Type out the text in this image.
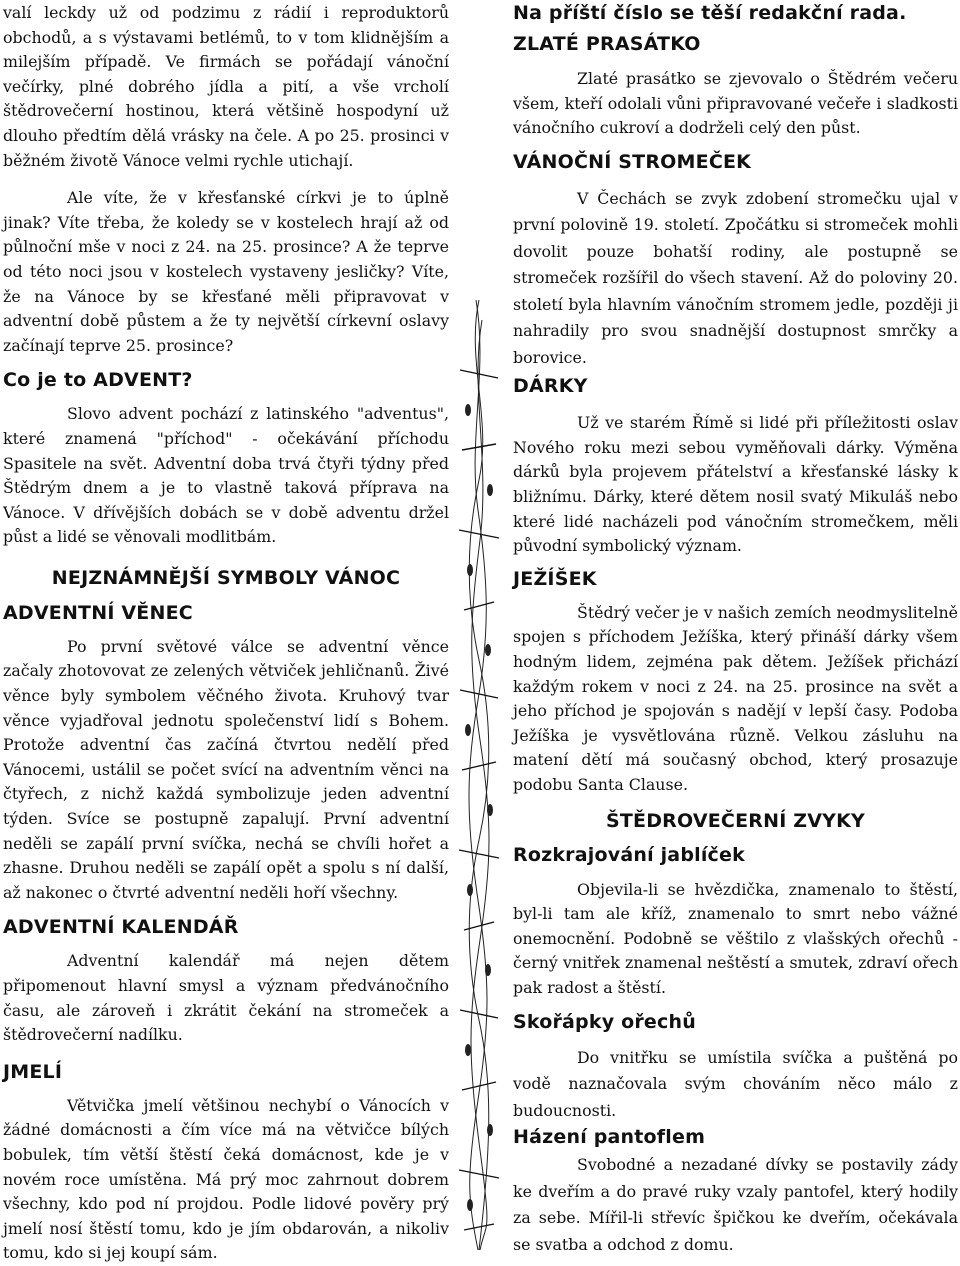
valí leckdy už od podzimu z rádií i reproduktorů obchodů, a s výstavami betlémů, to v tom klidnějším a milejším případě. Ve firmách se pořádají vánoční večírky, plné dobrého jídla a pití, a vše vrcholí štědrovečerní hostinou, která většině hospodyní už dlouho předtím dělá vrásky na čele. A po 25. prosinci v běžném životě Vánoce velmi rychle utichají.

Ale víte, že v křesťanské církvi je to úplně jinak? Víte třeba, že koledy se v kostelech hrají až od půlnoční mše v noci z 24. na 25. prosince? A že teprve od této noci jsou v kostelech vystaveny jesličky? Víte, že na Vánoce by se křesťané měli připravovat v adventní době půstem a že ty největší církevní oslavy začínají teprve 25. prosince?

Co je to ADVENT?

Slovo advent pochází z latinského "adventus", které znamená "příchod" - očekávání příchodu Spasitele na svět. Adventní doba trvá čtyři týdny před Štědrým dnem a je to vlastně taková příprava na Vánoce. V dřívějších dobách se v době adventu držel půst a lidé se věnovali modlitbám.

NEJZNÁMNĚJŠÍ SYMBOLY VÁNOC
ADVENTNÍ VĚNEC

Po první světové válce se adventní věnce začaly zhotovovat ze zelených větviček jehličnanů. Živé věnce byly symbolem věčného života. Kruhový tvar věnce vyjadřoval jednotu společenství lidí s Bohem. Protože adventní čas začíná čtvrtou nedělí před Vánocemi, ustálil se počet svící na adventním věnci na čtyřech, z nichž každá symbolizuje jeden adventní týden. Svíce se postupně zapalují. První adventní neděli se zapálí první svíčka, nechá se chvíli hořet a zhasne. Druhou neděli se zapálí opět a spolu s ní další, až nakonec o čtvrté adventní neděli hoří všechny.

ADVENTNÍ KALENDÁŘ

Adventní kalendář má nejen dětem připomenout hlavní smysl a význam předvánočního času, ale zároveň i zkrátit čekání na stromeček a štědrovečerní nadílku.

JMELÍ

Větvička jmelí většinou nechybí o Vánocích v žádné domácnosti a čím více má na větvičce bílých bobulek, tím větší štěstí čeká domácnost, kde je v novém roce umístěna. Má prý moc zahrnout dobrem všechny, kdo pod ní projdou. Podle lidové pověry prý jmelí nosí štěstí tomu, kdo je jím obdarován, a nikoliv tomu, kdo si jej koupí sám.

Na příští číslo se těší redakční rada.
ZLATÉ PRASÁTKO

Zlaté prasátko se zjevovalo o Štědrém večeru všem, kteří odolali vůni připravované večeře i sladkosti vánočního cukroví a dodrželi celý den půst.

VÁNOČNÍ STROMEČEK

V Čechách se zvyk zdobení stromečku ujal v první polovině 19. století. Zpočátku si stromeček mohli dovolit pouze bohatší rodiny, ale postupně se stromeček rozšířil do všech stavení. Až do poloviny 20. století byla hlavním vánočním stromem jedle, později ji nahradily pro svou snadnější dostupnost smrčky a borovice.

DÁRKY

Už ve starém Římě si lidé při příležitosti oslav Nového roku mezi sebou vyměňovali dárky. Výměna dárků byla projevem přátelství a křesťanské lásky k bližnímu. Dárky, které dětem nosil svatý Mikuláš nebo které lidé nacházeli pod vánočním stromečkem, měli původní symbolický význam.

JEŽÍŠEK

Štědrý večer je v našich zemích neodmyslitelně spojen s příchodem Ježíška, který přináší dárky všem hodným lidem, zejména pak dětem. Ježíšek přichází každým rokem v noci z 24. na 25. prosince na svět a jeho příchod je spojován s nadějí v lepší časy. Podoba Ježíška je vysvětlována různě. Velkou zásluhu na matení dětí má současný obchod, který prosazuje podobu Santa Clause.

ŠTĚDROVEČERNÍ ZVYKY
Rozkrajování jablíček

Objevila-li se hvězdička, znamenalo to štěstí, byl-li tam ale kříž, znamenalo to smrt nebo vážné onemocnění. Podobně se věštilo z vlašských ořechů - černý vnitřek znamenal neštěstí a smutek, zdraví ořech pak radost a štěstí.

Skořápky ořechů

Do vnitřku se umístila svíčka a puštěná po vodě naznačovala svým chováním něco málo z budoucnosti.

Házení pantoflem

Svobodné a nezadané dívky se postavily zády ke dveřím a do pravé ruky vzaly pantofel, který hodily za sebe. Mířil-li střevíc špičkou ke dveřím, očekávala se svatba a odchod z domu.
